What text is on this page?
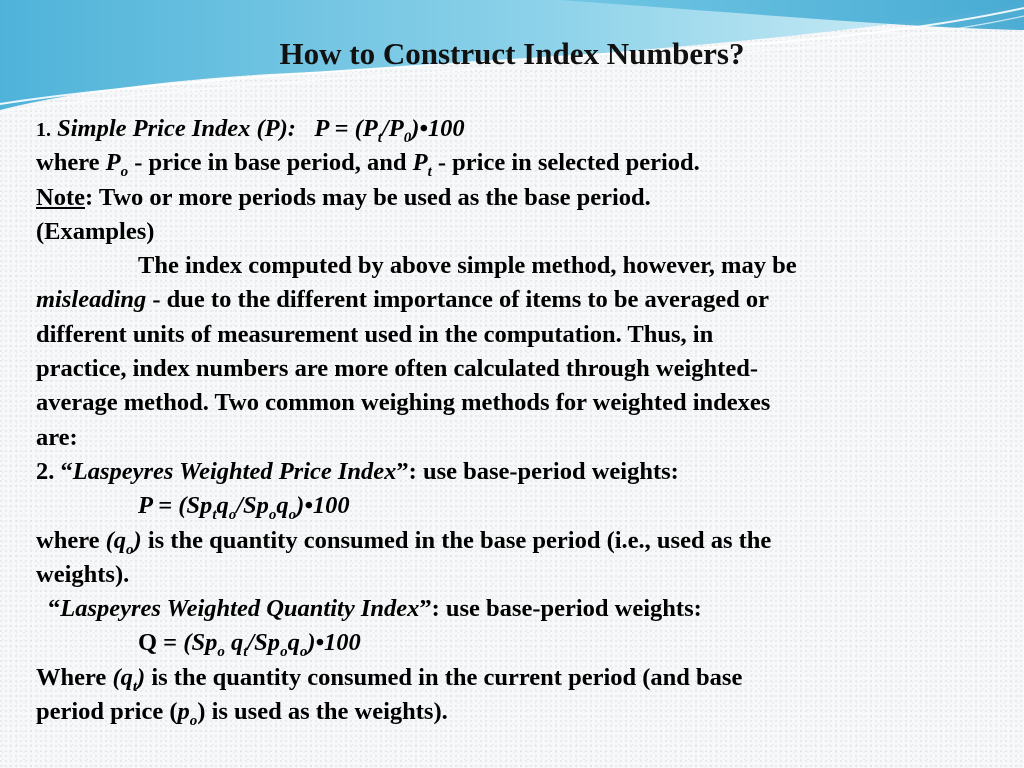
How to Construct Index Numbers?
1. Simple Price Index (P): $P = (P_t/P_0)•100$
where $P_o$ - price in base period, and $P_t$ - price in selected period.
Note: Two or more periods may be used as the base period.
(Examples)
The index computed by above simple method, however, may be
misleading - due to the different importance of items to be averaged or
different units of measurement used in the computation. Thus, in
practice, index numbers are more often calculated through weighted-
average method. Two common weighing methods for weighted indexes
are:
2. “Laspeyres Weighted Price Index”: use base-period weights:
$P = (Sp_tq_o/Sp_oq_o)•100$
where $(q_o)$ is the quantity consumed in the base period (i.e., used as the
weights).
“Laspeyres Weighted Quantity Index”: use base-period weights:
$Q = (Sp_o$ $q_t/Sp_oq_o)•100$
Where $(q_t)$ is the quantity consumed in the current period (and base
period price $(p_o)$ is used as the weights).
